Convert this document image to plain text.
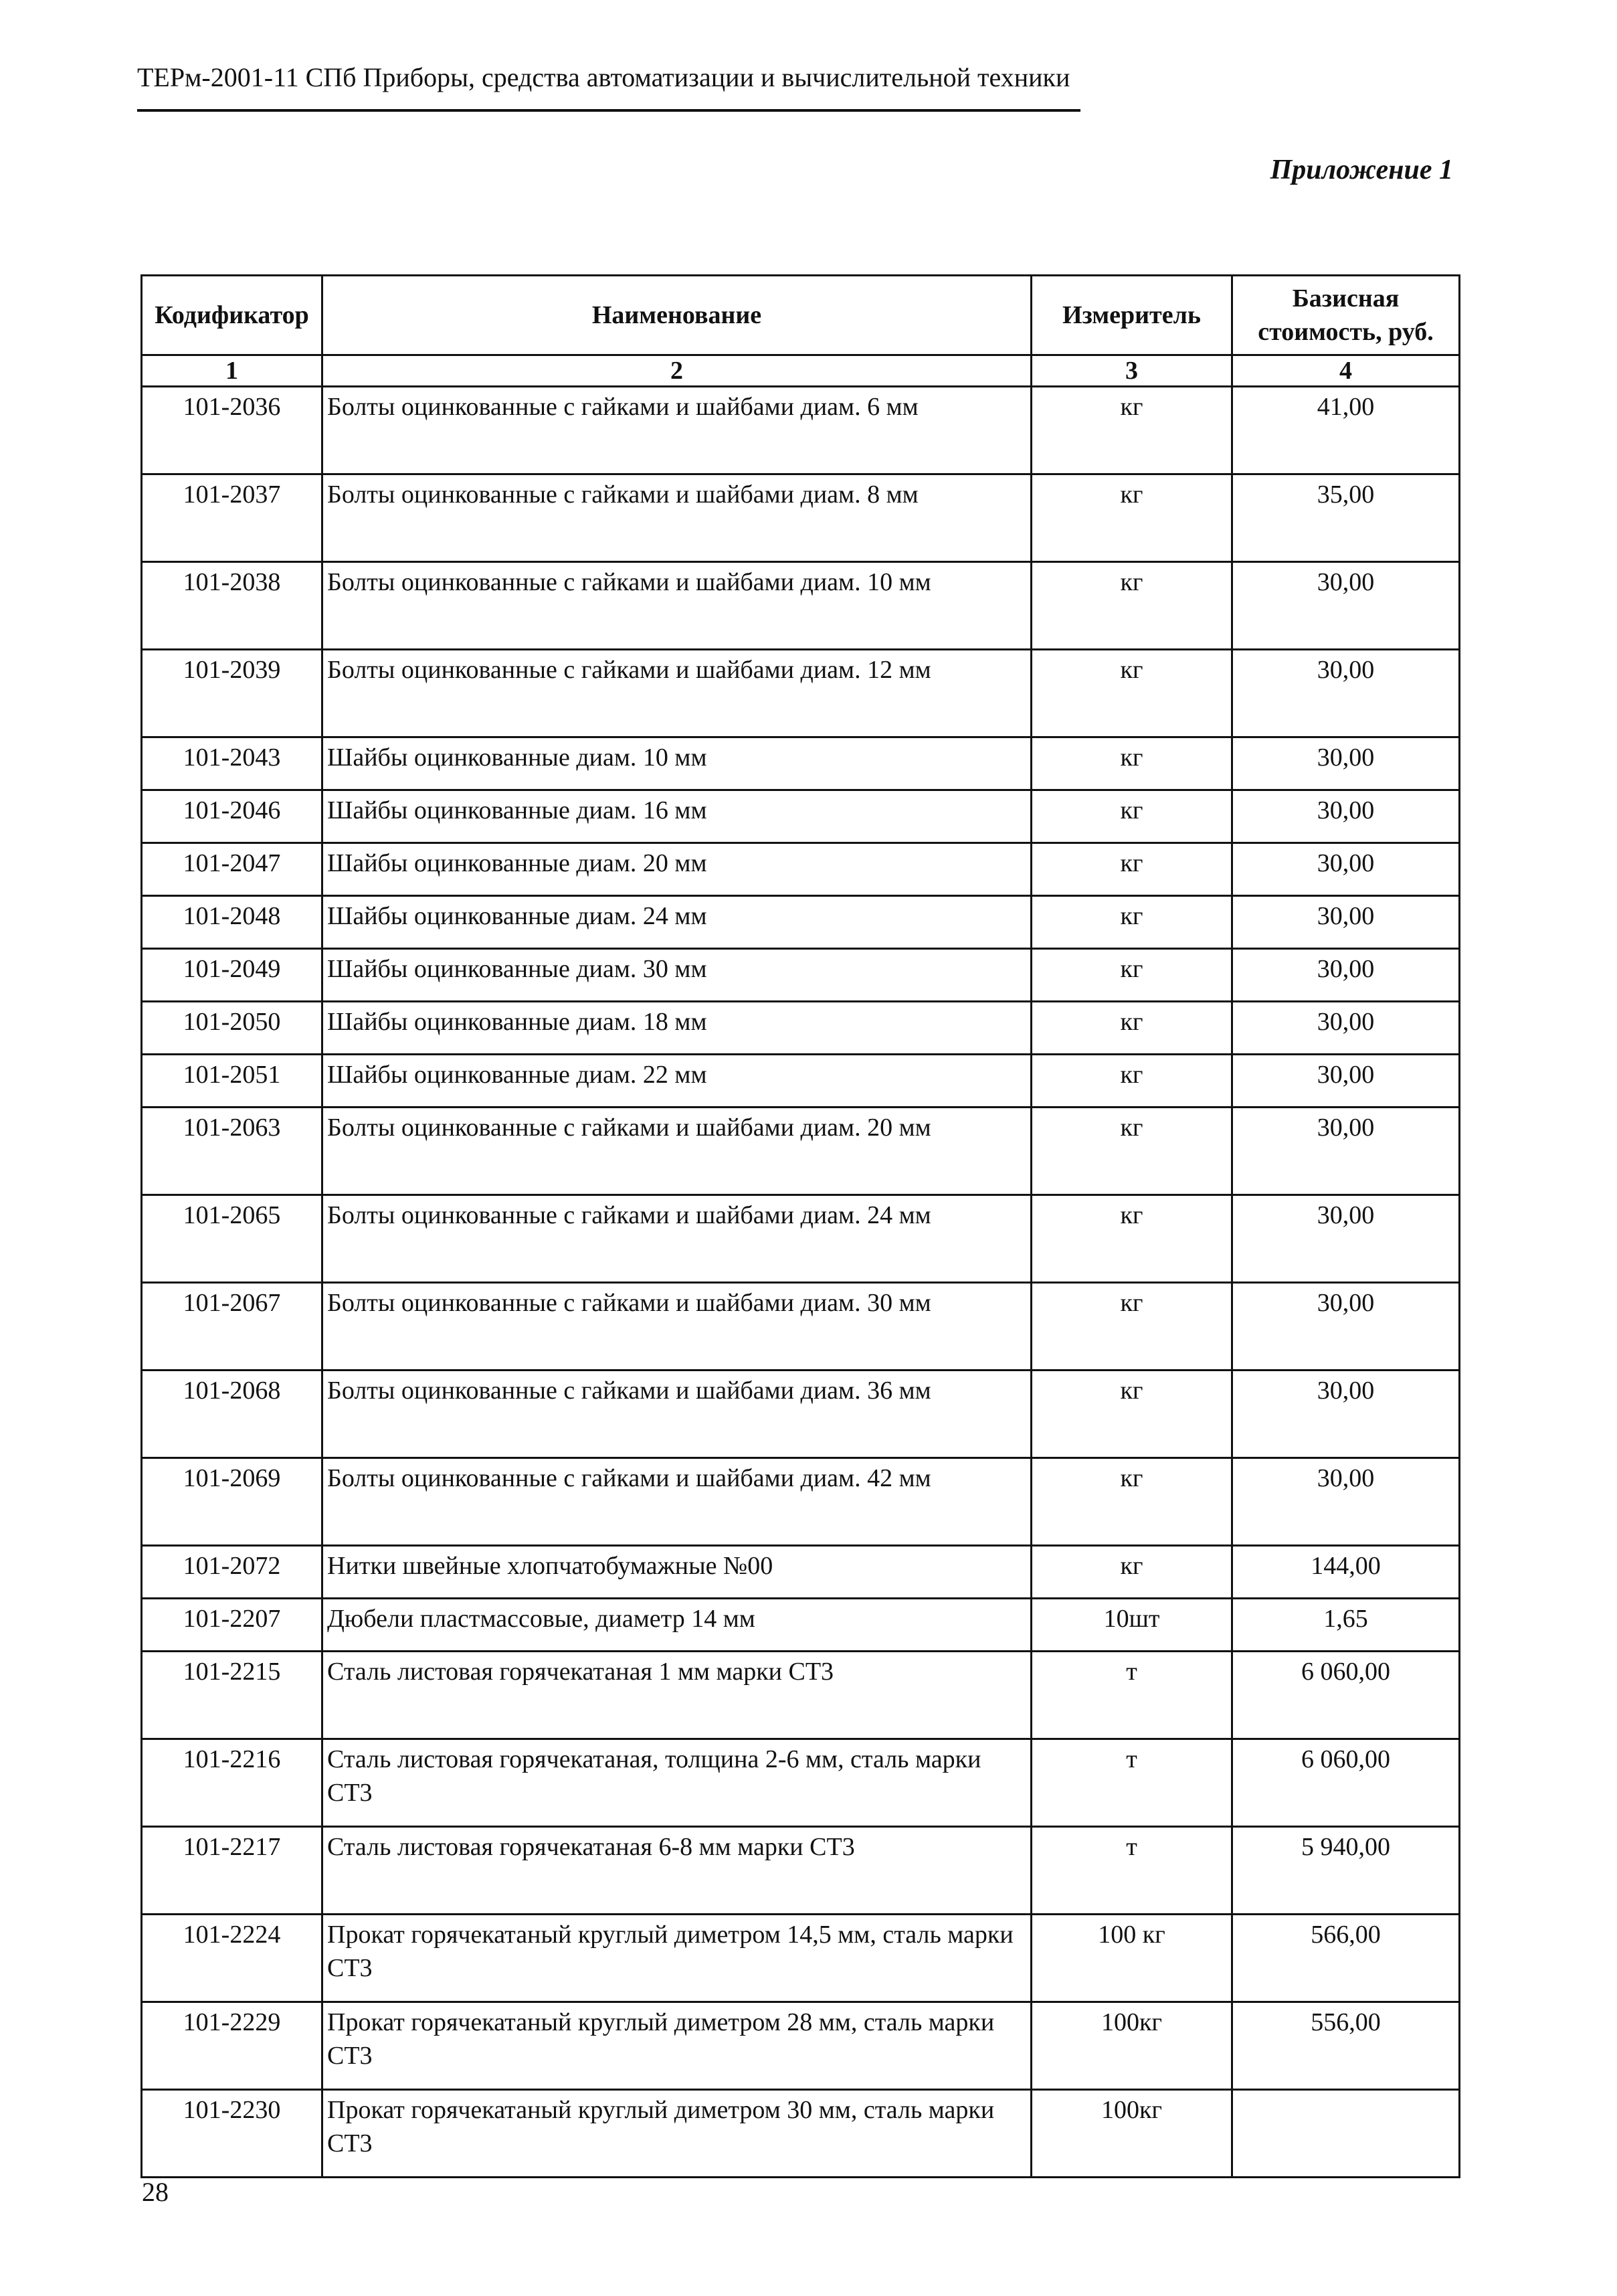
ТЕРм-2001-11 СПб Приборы, средства автоматизации и вычислительной техники
Приложение 1
Кодификатор	Наименование	Измеритель	Базисная стоимость, руб.
1	2	3	4
101-2036	Болты оцинкованные с гайками и шайбами диам. 6 мм	кг	41,00
101-2037	Болты оцинкованные с гайками и шайбами диам. 8 мм	кг	35,00
101-2038	Болты оцинкованные с гайками и шайбами диам. 10 мм	кг	30,00
101-2039	Болты оцинкованные с гайками и шайбами диам. 12 мм	кг	30,00
101-2043	Шайбы оцинкованные диам. 10 мм	кг	30,00
101-2046	Шайбы оцинкованные диам. 16 мм	кг	30,00
101-2047	Шайбы оцинкованные диам. 20 мм	кг	30,00
101-2048	Шайбы оцинкованные диам. 24 мм	кг	30,00
101-2049	Шайбы оцинкованные диам. 30 мм	кг	30,00
101-2050	Шайбы оцинкованные диам. 18 мм	кг	30,00
101-2051	Шайбы оцинкованные диам. 22 мм	кг	30,00
101-2063	Болты оцинкованные с гайками и шайбами диам. 20 мм	кг	30,00
101-2065	Болты оцинкованные с гайками и шайбами диам. 24 мм	кг	30,00
101-2067	Болты оцинкованные с гайками и шайбами диам. 30 мм	кг	30,00
101-2068	Болты оцинкованные с гайками и шайбами диам. 36 мм	кг	30,00
101-2069	Болты оцинкованные с гайками и шайбами диам. 42 мм	кг	30,00
101-2072	Нитки швейные хлопчатобумажные №00	кг	144,00
101-2207	Дюбели пластмассовые, диаметр 14 мм	10шт	1,65
101-2215	Сталь листовая горячекатаная 1 мм марки СТ3	т	6 060,00
101-2216	Сталь листовая горячекатаная, толщина 2-6 мм, сталь марки СТ3	т	6 060,00
101-2217	Сталь листовая горячекатаная 6-8 мм марки СТ3	т	5 940,00
101-2224	Прокат горячекатаный круглый диметром 14,5 мм, сталь марки СТ3	100 кг	566,00
101-2229	Прокат горячекатаный круглый диметром 28 мм, сталь марки СТ3	100кг	556,00
101-2230	Прокат горячекатаный круглый диметром 30 мм, сталь марки СТ3	100кг	
28
